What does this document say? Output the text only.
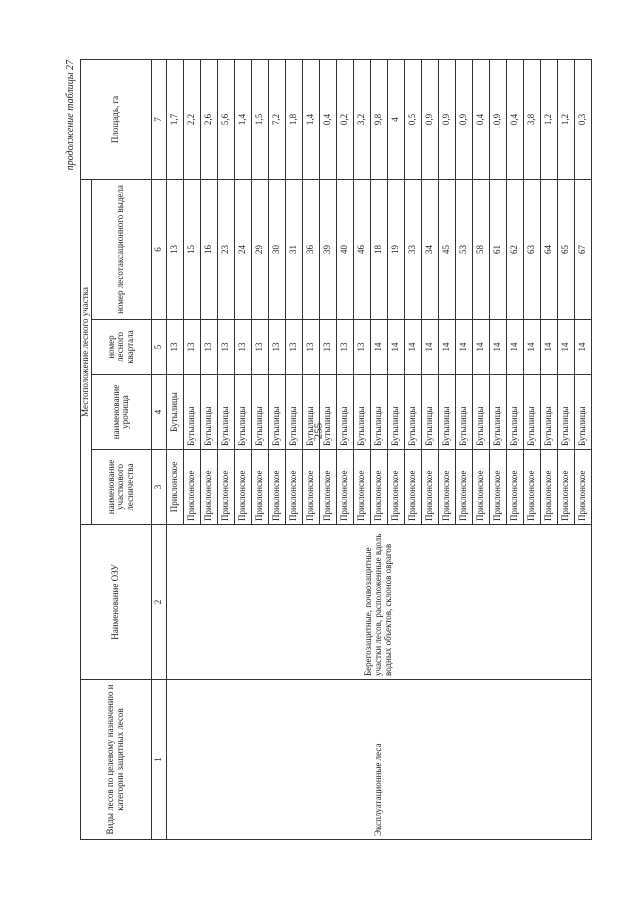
255
продолжение таблицы 27
Виды лесов по целевому назначению и категории защитных лесов	Наименование ОЗУ	Местоположение лесного участка				Площадь, га
		наименование участкового лесничества	наименование урочища	номер лесного квартала	номер лесотаксационного выдела	
1	2	3	4	5	6	7
Эксплуатационные леса	Берегозащитные, почвозащитные участки лесов, расположенные вдоль водных объектов, склонов оврагов	Приклонское	Бутылицы	13	13	1,7
		Приклонское	Бутылицы	13	15	2,2
		Приклонское	Бутылицы	13	16	2,6
		Приклонское	Бутылицы	13	23	5,6
		Приклонское	Бутылицы	13	24	1,4
		Приклонское	Бутылицы	13	29	1,5
		Приклонское	Бутылицы	13	30	7,2
		Приклонское	Бутылицы	13	31	1,8
		Приклонское	Бутылицы	13	36	1,4
		Приклонское	Бутылицы	13	39	0,4
		Приклонское	Бутылицы	13	40	0,2
		Приклонское	Бутылицы	13	46	3,2
		Приклонское	Бутылицы	14	18	9,8
		Приклонское	Бутылицы	14	19	4
		Приклонское	Бутылицы	14	33	0,5
		Приклонское	Бутылицы	14	34	0,9
		Приклонское	Бутылицы	14	45	0,9
		Приклонское	Бутылицы	14	53	0,9
		Приклонское	Бутылицы	14	58	0,4
		Приклонское	Бутылицы	14	61	0,9
		Приклонское	Бутылицы	14	62	0,4
		Приклонское	Бутылицы	14	63	3,8
		Приклонское	Бутылицы	14	64	1,2
		Приклонское	Бутылицы	14	65	1,2
		Приклонское	Бутылицы	14	67	0,3
